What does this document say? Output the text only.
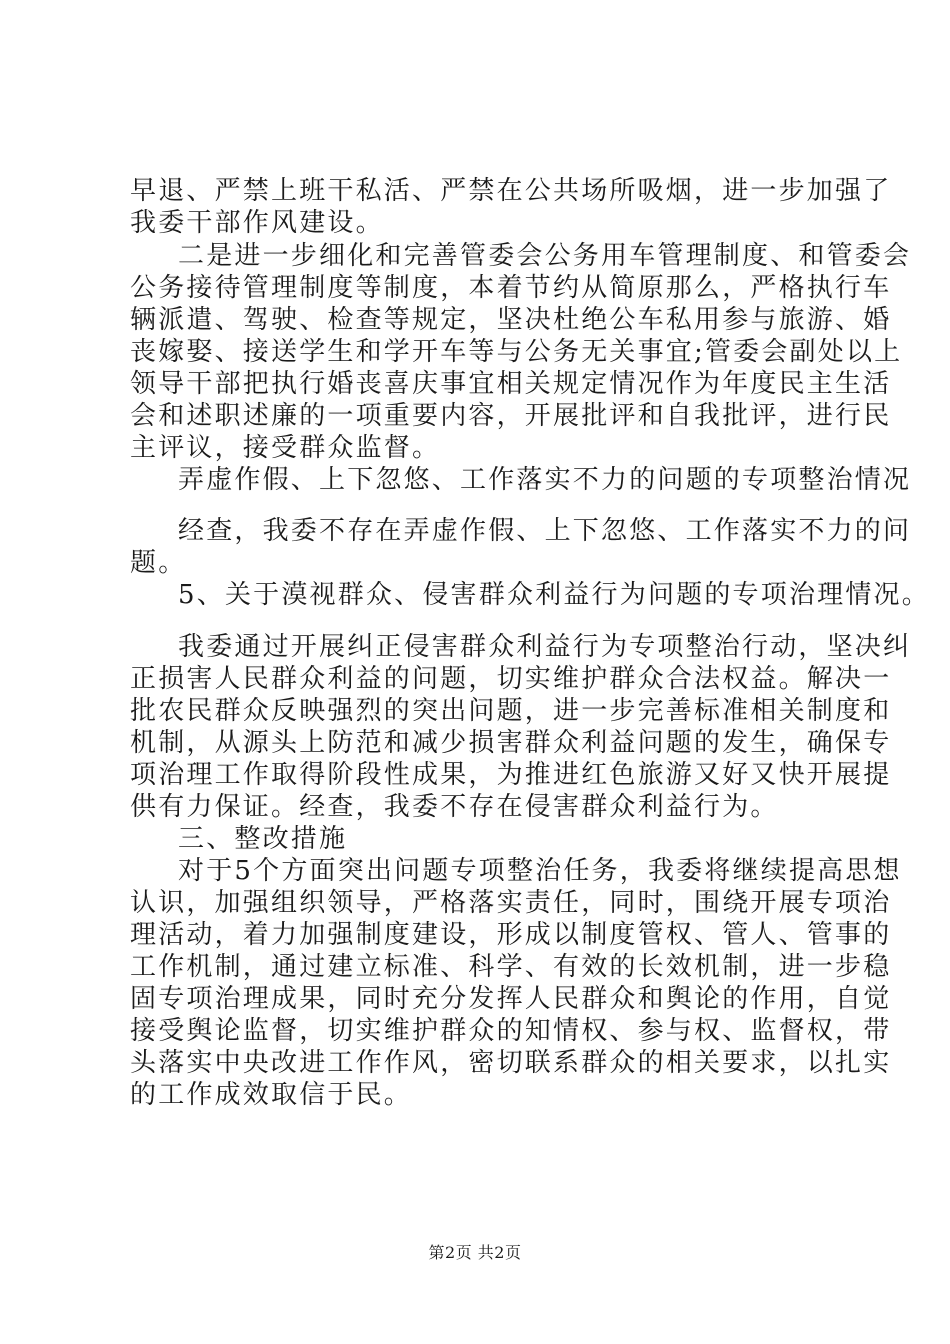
早退、严禁上班干私活、严禁在公共场所吸烟，进一步加强了
我委干部作风建设。
二是进一步细化和完善管委会公务用车管理制度、和管委会
公务接待管理制度等制度，本着节约从简原那么，严格执行车
辆派遣、驾驶、检查等规定，坚决杜绝公车私用参与旅游、婚
丧嫁娶、接送学生和学开车等与公务无关事宜;管委会副处以上
领导干部把执行婚丧喜庆事宜相关规定情况作为年度民主生活
会和述职述廉的一项重要内容，开展批评和自我批评，进行民
主评议，接受群众监督。
弄虚作假、上下忽悠、工作落实不力的问题的专项整治情况
经查，我委不存在弄虚作假、上下忽悠、工作落实不力的问
题。
5、关于漠视群众、侵害群众利益行为问题的专项治理情况。
我委通过开展纠正侵害群众利益行为专项整治行动，坚决纠
正损害人民群众利益的问题，切实维护群众合法权益。解决一
批农民群众反映强烈的突出问题，进一步完善标准相关制度和
机制，从源头上防范和减少损害群众利益问题的发生，确保专
项治理工作取得阶段性成果，为推进红色旅游又好又快开展提
供有力保证。经查，我委不存在侵害群众利益行为。
三、整改措施
对于5个方面突出问题专项整治任务，我委将继续提高思想
认识，加强组织领导，严格落实责任，同时，围绕开展专项治
理活动，着力加强制度建设，形成以制度管权、管人、管事的
工作机制，通过建立标准、科学、有效的长效机制，进一步稳
固专项治理成果，同时充分发挥人民群众和舆论的作用，自觉
接受舆论监督，切实维护群众的知情权、参与权、监督权，带
头落实中央改进工作作风，密切联系群众的相关要求，以扎实
的工作成效取信于民。
第2页 共2页
